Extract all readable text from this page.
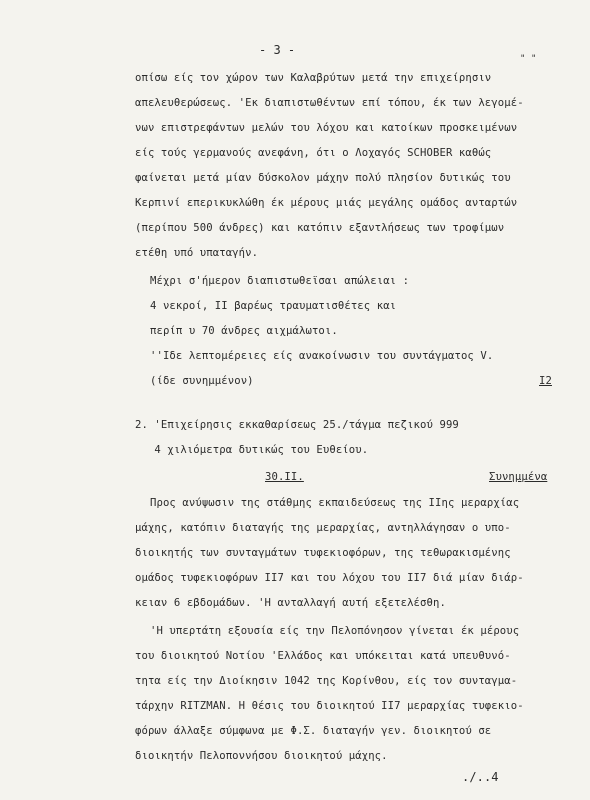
- 3 -
" "
οπίσω είς τον χώρον των Καλαβρύτων μετά την επιχείρησιν
απελευθερώσεως. 'Εκ διαπιστωθέντων επί τόπου, έκ των λεγομέ-
νων επιστρεφάντων μελών του λόχου και κατοίκων προσκειμένων
είς τούς γερμανούς ανεφάνη, ότι ο Λοχαγός SCHOBER καθώς
φαίνεται μετά μίαν δύσκολον μάχην πολύ πλησίον δυτικώς του
Κερπινί επερικυκλώθη έκ μέρους μιάς μεγάλης ομάδος ανταρτών
(περίπου 500 άνδρες) και κατόπιν εξαντλήσεως των τροφίμων
ετέθη υπό υπαταγήν.
Μέχρι σ'ήμερον διαπιστωθεϊσαι απώλειαι :
4 νεκροί, II βαρέως τραυματισθέτες και
περίπ υ 70 άνδρες αιχμάλωτοι.
''Ιδε λεπτομέρειες είς ανακοίνωσιν του συντάγματος V.
(ίδε συνημμένον)	I2
2. 'Επιχείρησις εκκαθαρίσεως 25./τάγμα πεζικού 999
4 χιλιόμετρα δυτικώς του Ευθείου.
30.II.	Συνημμένα
Προς ανύψωσιν της στάθμης εκπαιδεύσεως της IIης μεραρχίας
μάχης, κατόπιν διαταγής της μεραρχίας, αντηλλάγησαν ο υπο-
διοικητής των συνταγμάτων τυφεκιοφόρων, της τεθωρακισμένης
ομάδος τυφεκιοφόρων II7 και του λόχου του II7 διά μίαν διάρ-
κειαν 6 εβδομάδων. 'Η ανταλλαγή αυτή εξετελέσθη.
'Η υπερτάτη εξουσία είς την Πελοπόνησον γίνεται έκ μέρους
του διοικητού Νοτίου 'Ελλάδος και υπόκειται κατά υπευθυνό-
τητα είς την Διοίκησιν 1042 της Κορίνθου, είς τον συνταγμα-
τάρχην RITZMAN. Η θέσις του διοικητού II7 μεραρχίας τυφεκιο-
φόρων άλλαξε σύμφωνα με Φ.Σ. διαταγήν γεν. διοικητού σε
διοικητήν Πελοποννήσου διοικητού μάχης.
./..4
